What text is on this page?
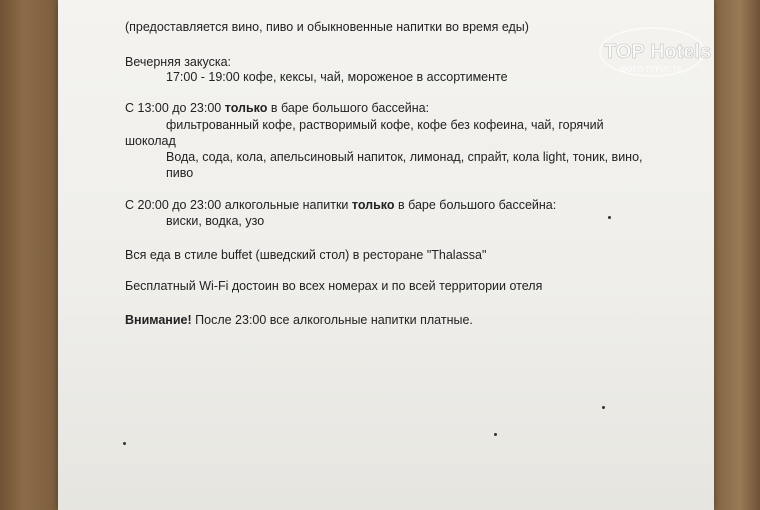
(предоставляется вино, пиво и обыкновенные напитки во время еды)
Вечерняя закуска:
17:00 - 19:00 кофе, кексы, чай, мороженое в ассортименте
С 13:00 до 23:00 только в баре большого бассейна:
фильтрованный кофе, растворимый кофе, кофе без кофеина, чай, горячий
шоколад
Вода, сода, кола, апельсиновый напиток, лимонад, спрайт, кола light, тоник, вино,
пиво
С 20:00 до 23:00 алкогольные напитки только в баре большого бассейна:
виски, водка, узо
Вся еда в стиле buffet (шведский стол) в ресторане "Thalassa"
Бесплатный Wi-Fi достоин во всех номерах и по всей территории отеля
Внимание! После 23:00 все алкогольные напитки платные.
TOP Hotels
ФОТО ТУРИСТА
